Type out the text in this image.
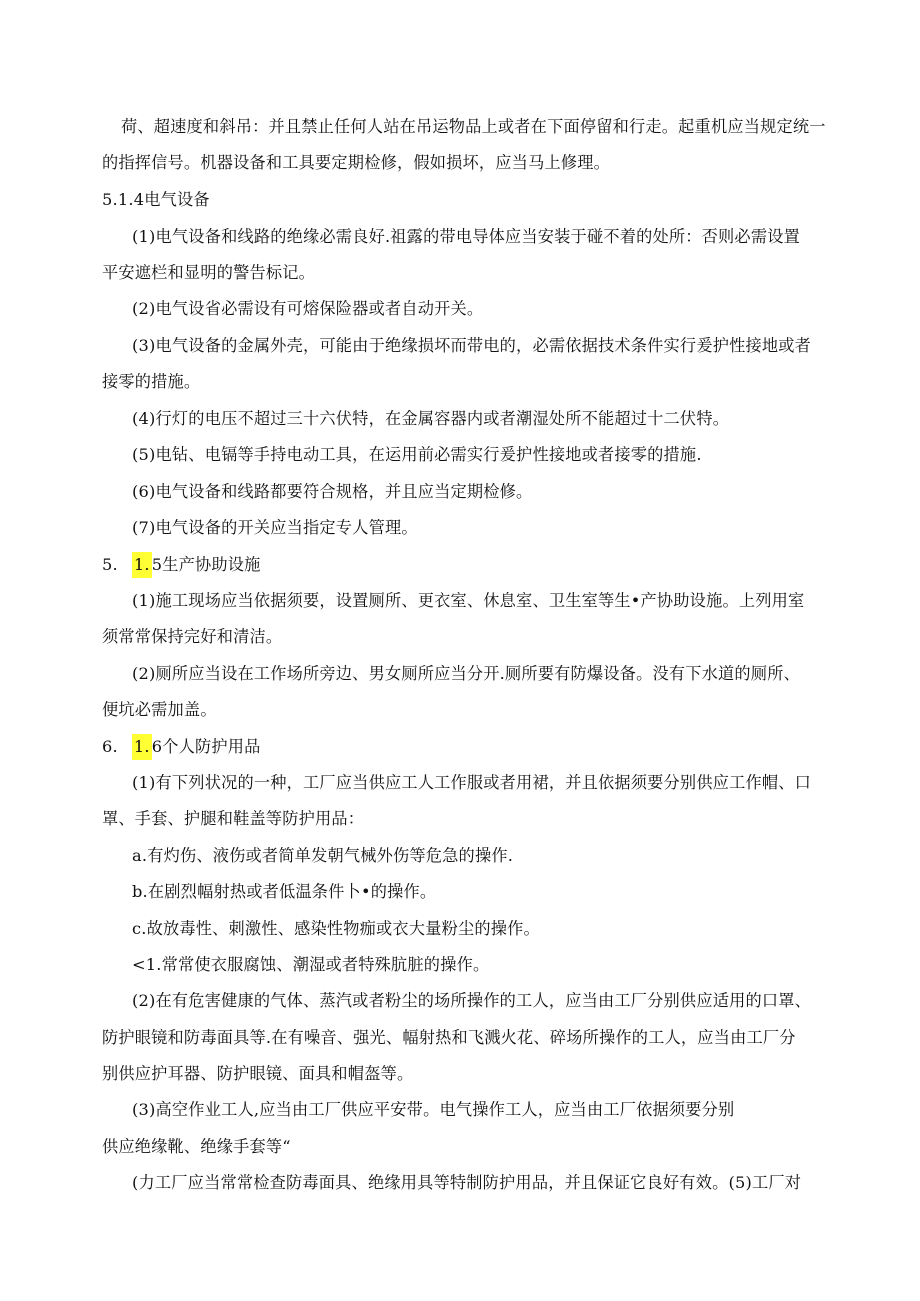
荷、超速度和斜吊：并且禁止任何人站在吊运物品上或者在下面停留和行走。起重机应当规定统一
的指挥信号。机器设备和工具要定期检修，假如损坏，应当马上修理。
5.1.4电气设备
(1)电气设备和线路的绝缘必需良好.祖露的带电导体应当安装于碰不着的处所：否则必需设置
平安遮栏和显明的警告标记。
(2)电气设省必需设有可熔保险器或者自动开关。
(3)电气设备的金属外壳，可能由于绝缘损坏而带电的，必需依据技术条件实行爰护性接地或者
接零的措施。
(4)行灯的电压不超过三十六伏特，在金属容器内或者潮湿处所不能超过十二伏特。
(5)电钻、电镉等手持电动工具，在运用前必需实行爰护性接地或者接零的措施.
(6)电气设备和线路都要符合规格，并且应当定期检修。
(7)电气设备的开关应当指定专人管理。
5. 1. 5生产协助设施
(1)施工现场应当依据须要，设置厕所、更衣室、休息室、卫生室等生•产协助设施。上列用室
须常常保持完好和清洁。
(2)厕所应当设在工作场所旁边、男女厕所应当分开.厕所要有防爆设备。没有下水道的厕所、
便坑必需加盖。
6. 1. 6个人防护用品
(1)有下列状况的一种，工厂应当供应工人工作服或者用裙，并且依据须要分别供应工作帽、口
罩、手套、护腿和鞋盖等防护用品：
a.有灼伤、液伤或者简单发朝气械外伤等危急的操作.
b.在剧烈幅射热或者低温条件卜•的操作。
c.故放毒性、刺激性、感染性物痂或衣大量粉尘的操作。
<1.常常使衣服腐蚀、潮湿或者特殊肮脏的操作。
(2)在有危害健康的气体、蒸汽或者粉尘的场所操作的工人，应当由工厂分别供应适用的口罩、
防护眼镜和防毒面具等.在有噪音、强光、幅射热和飞溅火花、碎场所操作的工人，应当由工厂分
别供应护耳器、防护眼镜、面具和帽盔等。
(3)高空作业工人,应当由工厂供应平安带。电气操作工人，应当由工厂依据须要分别
供应绝缘靴、绝缘手套等“
(力工厂应当常常检查防毒面具、绝缘用具等特制防护用品，并且保证它良好有效。(5)工厂对
